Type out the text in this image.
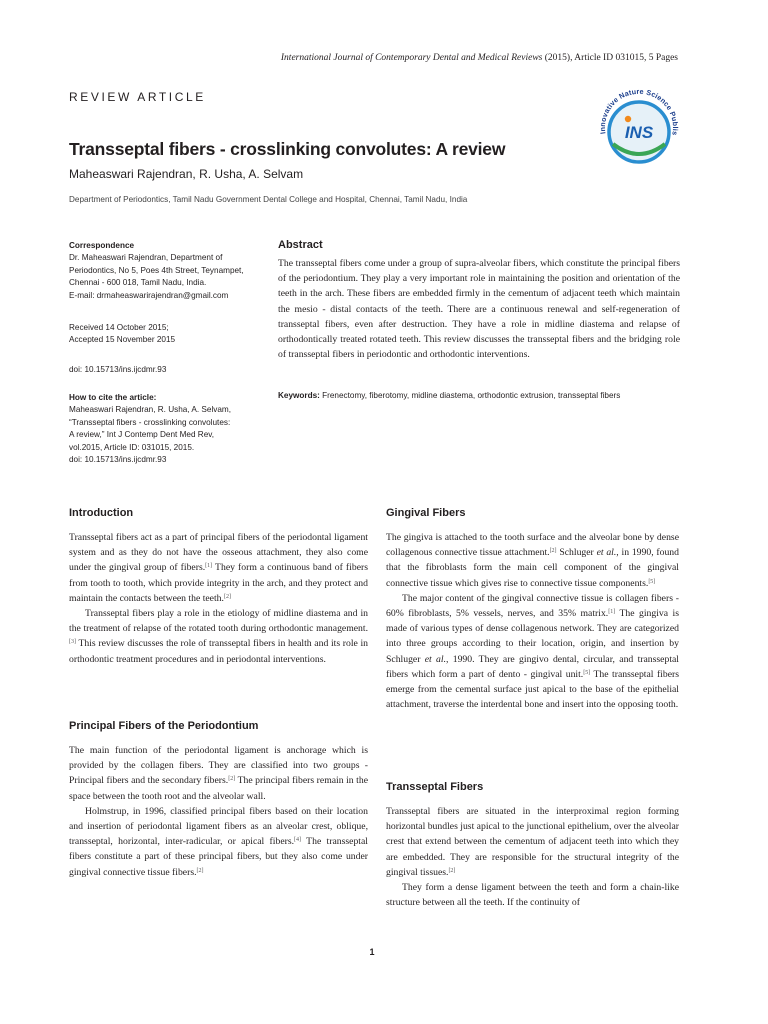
International Journal of Contemporary Dental and Medical Reviews (2015), Article ID 031015, 5 Pages
REVIEW ARTICLE
Innovative Nature Science Publis
INS
Transseptal fibers - crosslinking convolutes: A review
Maheaswari Rajendran, R. Usha, A. Selvam
Department of Periodontics, Tamil Nadu Government Dental College and Hospital, Chennai, Tamil Nadu, India
Correspondence
Dr. Maheaswari Rajendran, Department of
Periodontics, No 5, Poes 4th Street, Teynampet,
Chennai - 600 018, Tamil Nadu, India.
E-mail: drmaheaswarirajendran@gmail.com
Received 14 October 2015;
Accepted 15 November 2015
doi: 10.15713/ins.ijcdmr.93
How to cite the article:
Maheaswari Rajendran, R. Usha, A. Selvam,
“Transseptal fibers - crosslinking convolutes:
A review,” Int J Contemp Dent Med Rev,
vol.2015, Article ID: 031015, 2015.
doi: 10.15713/ins.ijcdmr.93
Abstract
The transseptal fibers come under a group of supra-alveolar fibers, which constitute the principal fibers of the periodontium. They play a very important role in maintaining the position and orientation of the teeth in the arch. These fibers are embedded firmly in the cementum of adjacent teeth which maintain the mesio - distal contacts of the teeth. There are a continuous renewal and self-regeneration of transseptal fibers, even after destruction. They have a role in midline diastema and relapse of orthodontically treated rotated teeth. This review discusses the transseptal fibers and the bridging role of transseptal fibers in periodontic and orthodontic interventions.
Keywords: Frenectomy, fiberotomy, midline diastema, orthodontic extrusion, transseptal fibers
Introduction

Transseptal fibers act as a part of principal fibers of the periodontal ligament system and as they do not have the osseous attachment, they also come under the gingival group of fibers.[1] They form a continuous band of fibers from tooth to tooth, which provide integrity in the arch, and they protect and maintain the contacts between the teeth.[2]

Transseptal fibers play a role in the etiology of midline diastema and in the treatment of relapse of the rotated tooth during orthodontic management.[3] This review discusses the role of transseptal fibers in health and its role in orthodontic treatment procedures and in periodontal interventions.

Principal Fibers of the Periodontium

The main function of the periodontal ligament is anchorage which is provided by the collagen fibers. They are classified into two groups - Principal fibers and the secondary fibers.[2] The principal fibers remain in the space between the tooth root and the alveolar wall.

Holmstrup, in 1996, classified principal fibers based on their location and insertion of periodontal ligament fibers as an alveolar crest, oblique, transseptal, horizontal, inter-radicular, or apical fibers.[4] The transseptal fibers constitute a part of these principal fibers, but they also come under gingival connective tissue fibers.[2]

Gingival Fibers

The gingiva is attached to the tooth surface and the alveolar bone by dense collagenous connective tissue attachment.[2] Schluger et al., in 1990, found that the fibroblasts form the main cell component of the gingival connective tissue which gives rise to connective tissue components.[5]

The major content of the gingival connective tissue is collagen fibers - 60% fibroblasts, 5% vessels, nerves, and 35% matrix.[1] The gingiva is made of various types of dense collagenous network. They are categorized into three groups according to their location, origin, and insertion by Schluger et al., 1990. They are gingivo dental, circular, and transseptal fibers which form a part of dento - gingival unit.[5] The transseptal fibers emerge from the cemental surface just apical to the base of the epithelial attachment, traverse the interdental bone and insert into the opposing tooth.

Transseptal Fibers

Transseptal fibers are situated in the interproximal region forming horizontal bundles just apical to the junctional epithelium, over the alveolar crest that extend between the cementum of adjacent teeth into which they are embedded. They are responsible for the structural integrity of the gingival tissues.[2]

They form a dense ligament between the teeth and form a chain-like structure between all the teeth. If the continuity of

1
